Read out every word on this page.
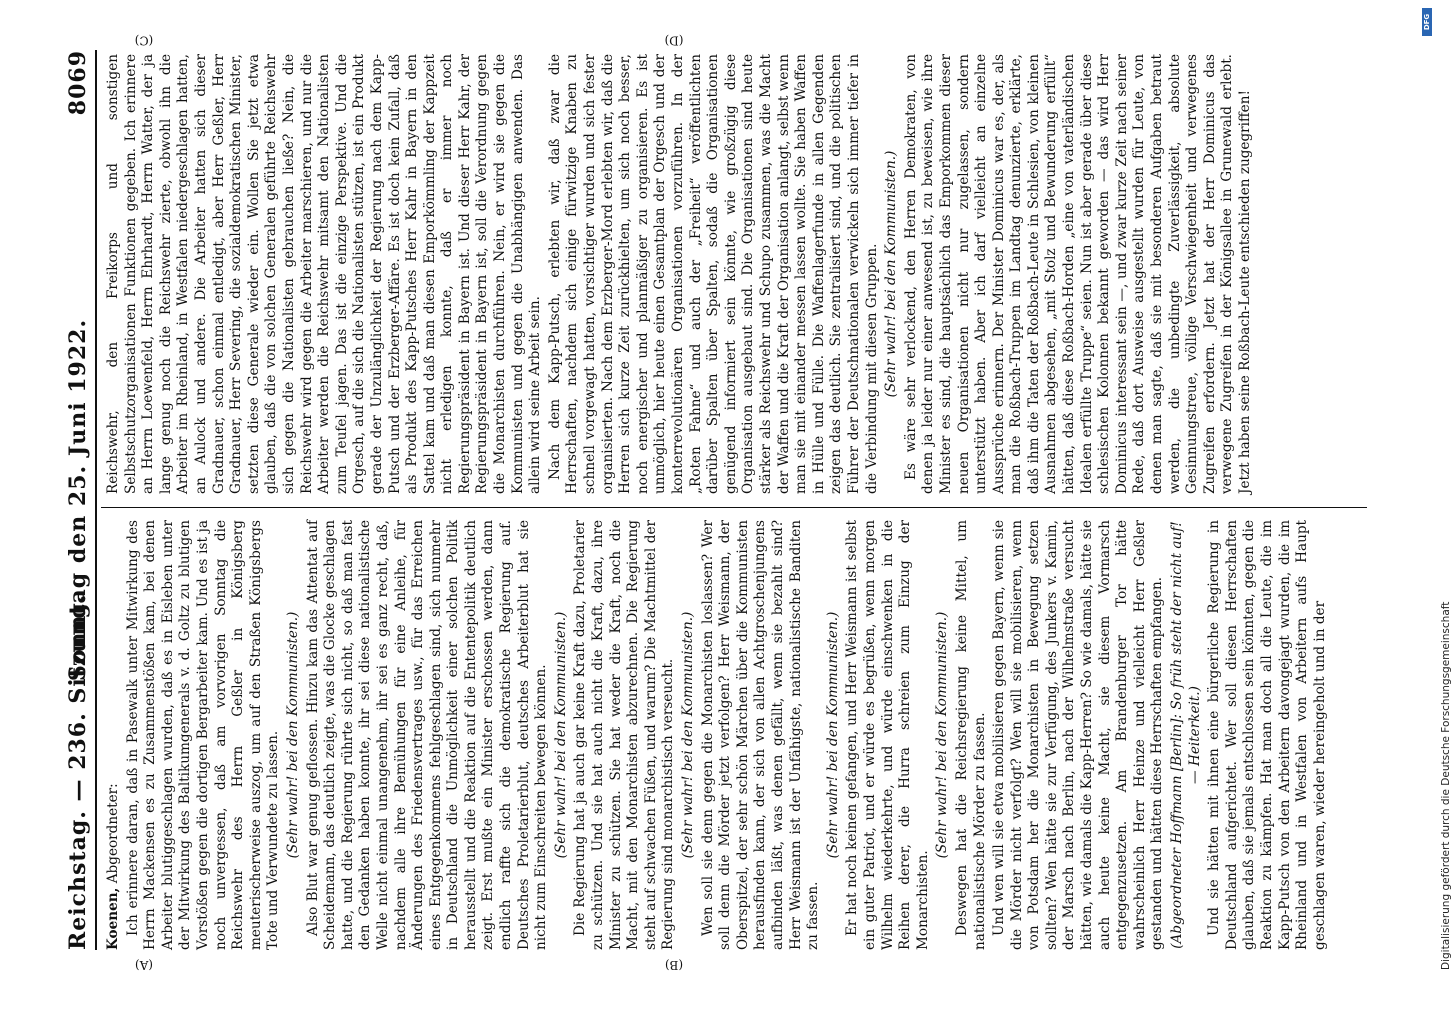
Reichstag. — 236. Sitzung.
Sonntag den 25. Juni 1922.
8069
(A)	(B)
(C)	(D)

Koenen, Abgeordneter: Ich erinnere daran, daß in Pasewalk unter Mitwirkung des Herrn Mackensen es zu Zusammenstößen kam, bei denen Arbeiter blutiggeschlagen wurden, daß es in Eisleben unter der Mitwirkung des Baltikumgenerals v. d. Goltz zu blutigen Vorstößen gegen die dortigen Bergarbeiter kam. Und es ist ja noch unvergessen, daß am vorvorigen Sonntag die Reichswehr des Herrn Geßler in Königsberg meuterischerweise auszog, um auf den Straßen Königsbergs Tote und Verwundete zu lassen. (Sehr wahr! bei den Kommunisten.) Also Blut war genug geflossen. Hinzu kam das Attentat auf Scheidemann, das deutlich zeigte, was die Glocke geschlagen hatte, und die Regierung rührte sich nicht, so daß man fast den Gedanken haben konnte, ihr sei diese nationalistische Welle nicht einmal unangenehm, ihr sei es ganz recht, daß, nachdem alle ihre Bemühungen für eine Anleihe, für Änderungen des Friedensvertrages usw., für das Erreichen eines Entgegenkommens fehlgeschlagen sind, sich nunmehr in Deutschland die Unmöglichkeit einer solchen Politik herausstellt und die Reaktion auf die Ententepolitik deutlich zeigt. Erst mußte ein Minister erschossen werden, dann endlich raffte sich die demokratische Regierung auf. Deutsches Proletarierblut, deutsches Arbeiterblut hat sie nicht zum Einschreiten bewegen können. (Sehr wahr! bei den Kommunisten.) Die Regierung hat ja auch gar keine Kraft dazu, Proletarier zu schützen. Und sie hat auch nicht die Kraft, dazu, ihre Minister zu schützen. Sie hat weder die Kraft, noch die Macht, mit den Monarchisten abzurechnen. Die Regierung steht auf schwachen Füßen, und warum? Die Machtmittel der Regierung sind monarchistisch verseucht. (Sehr wahr! bei den Kommunisten.) Wen soll sie denn gegen die Monarchisten loslassen? Wer soll denn die Mörder jetzt verfolgen? Herr Weismann, der Oberspitzel, der sehr schön Märchen über die Kommunisten herausfinden kann, der sich von allen Achtgroschenjungens aufbinden läßt, was denen gefällt, wenn sie bezahlt sind? Herr Weismann ist der Unfähigste, nationalistische Banditen zu fassen.

(Sehr wahr! bei den Kommunisten.) Er hat noch keinen gefangen, und Herr Weismann ist selbst ein guter Patriot, und er würde es begrüßen, wenn morgen Wilhelm wiederkehrte, und würde einschwenken in die Reihen derer, die Hurra schreien zum Einzug der Monarchisten.

(Sehr wahr! bei den Kommunisten.) Deswegen hat die Reichsregierung keine Mittel, um nationalistische Mörder zu fassen. Und wen will sie etwa mobilisieren gegen Bayern, wenn sie die Mörder nicht verfolgt? Wen will sie mobilisieren, wenn von Potsdam her die Monarchisten in Bewegung setzen sollten? Wen hätte sie zur Verfügung, des Junkers v. Kamin, der Marsch nach Berlin, nach der Wilhelmstraße versucht hätten, wie damals die Kapp-Herren? So wie damals, hätte sie auch heute keine Macht, sie diesem Vormarsch entgegenzusetzen. Am Brandenburger Tor hätte wahrscheinlich Herr Heinze und vielleicht Herr Geßler gestanden und hätten diese Herrschaften empfangen. (Abgeordneter Hoffmann [Berlin]: So früh steht der nicht auf! — Heiterkeit.) Und sie hätten mit ihnen eine bürgerliche Regierung in Deutschland aufgerichtet. Wer soll diesen Herrschaften glauben, daß sie jemals entschlossen sein könnten, gegen die Reaktion zu kämpfen. Hat man doch all die Leute, die im Kapp-Putsch von den Arbeitern davongejagt wurden, die im Rheinland und in Westfalen von Arbeitern aufs Haupt geschlagen waren, wieder hereingeholt und in der

Reichswehr, den Freikorps und sonstigen Selbstschutzorganisationen Funktionen gegeben. Ich erinnere an Herrn Loewenfeld, Herrn Ehrhardt, Herrn Watter, der ja lange genug noch die Reichswehr zierte, obwohl ihn die Arbeiter im Rheinland, in Westfalen niedergeschlagen hatten, an Aulock und andere. Die Arbeiter hatten sich dieser Gradnauer, schon einmal entledigt, aber Herr Geßler, Herr Gradnauer, Herr Severing, die sozialdemokratischen Minister, setzten diese Generale wieder ein. Wollen Sie jetzt etwa glauben, daß die von solchen Generalen geführte Reichswehr sich gegen die Nationalisten gebrauchen ließe? Nein, die Reichswehr wird gegen die Arbeiter marschieren, und nur die Arbeiter werden die Reichswehr mitsamt den Nationalisten zum Teufel jagen. Das ist die einzige Perspektive. Und die Orgesch, auf die sich die Nationalisten stützen, ist ein Produkt gerade der Unzulänglichkeit der Regierung nach dem Kapp-Putsch und der Erzberger-Affäre. Es ist doch kein Zufall, daß als Produkt des Kapp-Putsches Herr Kahr in Bayern in den Sattel kam und daß man diesen Emporkömmling der Kappzeit nicht erledigen konnte, daß er immer noch Regierungspräsident in Bayern ist. Und dieser Herr Kahr, der Regierungspräsident in Bayern ist, soll die Verordnung gegen die Monarchisten durchführen. Nein, er wird sie gegen die Kommunisten und gegen die Unabhängigen anwenden. Das allein wird seine Arbeit sein. Nach dem Kapp-Putsch, erlebten wir, daß zwar die Herrschaften, nachdem sich einige fürwitzige Knaben zu schnell vorgewagt hatten, vorsichtiger wurden und sich fester organisierten. Nach dem Erzberger-Mord erlebten wir, daß die Herren sich kurze Zeit zurückhielten, um sich noch besser, noch energischer und planmäßiger zu organisieren. Es ist unmöglich, hier heute einen Gesamtplan der Orgesch und der konterrevolutionären Organisationen vorzuführen. In der „Roten Fahne“ und auch der „Freiheit“ veröffentlichten darüber Spalten über Spalten, sodaß die Organisationen genügend informiert sein könnte, wie großzügig diese Organisation ausgebaut sind. Die Organisationen sind heute stärker als Reichswehr und Schupo zusammen, was die Macht der Waffen und die Kraft der Organisation anlangt, selbst wenn man sie mit einander messen lassen wollte. Sie haben Waffen in Hülle und Fülle. Die Waffenlagerfunde in allen Gegenden zeigen das deutlich. Sie zentralisiert sind, und die politischen Führer der Deutschnationalen verwickeln sich immer tiefer in die Verbindung mit diesen Gruppen. (Sehr wahr! bei den Kommunisten.) Es wäre sehr verlockend, den Herren Demokraten, von denen ja leider nur einer anwesend ist, zu beweisen, wie ihre Minister es sind, die hauptsächlich das Emporkommen dieser neuen Organisationen nicht nur zugelassen, sondern unterstützt haben. Aber ich darf vielleicht an einzelne Aussprüche erinnern. Der Minister Dominicus war es, der, als man die Roßbach-Truppen im Landtag denunzierte, erklärte, daß ihm die Taten der Roßbach-Leute in Schlesien, von kleinen Ausnahmen abgesehen, „mit Stolz und Bewunderung erfüllt“ hätten, daß diese Roßbach-Horden „eine von vaterländischen Idealen erfüllte Truppe“ seien. Nun ist aber gerade über diese schlesischen Kolonnen bekannt geworden — das wird Herr Dominicus interessant sein —, und zwar kurze Zeit nach seiner Rede, daß dort Ausweise ausgestellt wurden für Leute, von denen man sagte, daß sie mit besonderen Aufgaben betraut werden, die unbedingte Zuverlässigkeit, absolute Gesinnungstreue, völlige Verschwiegenheit und verwegenes Zugreifen erfordern. Jetzt hat der Herr Dominicus das verwegene Zugreifen in der Königsallee in Grunewald erlebt. Jetzt haben seine Roßbach-Leute entschieden zugegriffen!

Digitalisierung gefördert durch die Deutsche Forschungsgemeinschaft
DFG
